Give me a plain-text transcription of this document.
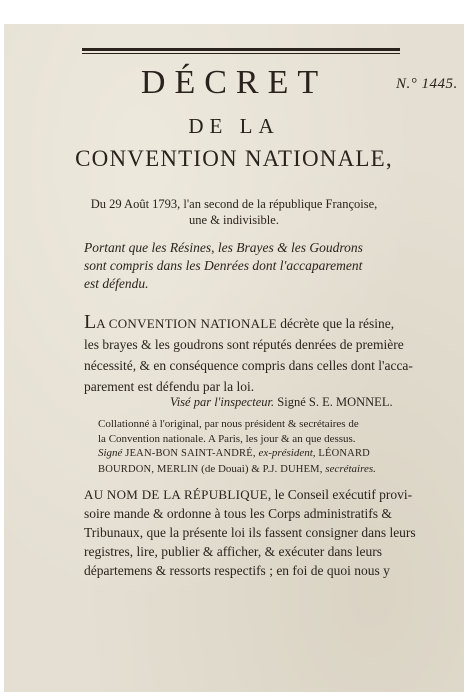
N.° 1445.
DÉCRET
DE LA
CONVENTION NATIONALE,
Du 29 Août 1793, l'an second de la république Françoise,
une & indivisible.
Portant que les Résines, les Brayes & les Goudrons
sont compris dans les Denrées dont l'accaparement
est défendu.
LA CONVENTION NATIONALE décrète que la résine,
les brayes & les goudrons sont réputés denrées de première
nécessité, & en conséquence compris dans celles dont l'acca-
parement est défendu par la loi.
Visé par l'inspecteur. Signé S. E. MONNEL.
Collationné à l'original, par nous président & secrétaires de
la Convention nationale. A Paris, les jour & an que dessus.
Signé JEAN-BON SAINT-ANDRÉ, ex-président, LÉONARD
BOURDON, MERLIN (de Douai) & P.J. DUHEM, secrétaires.
AU NOM DE LA RÉPUBLIQUE, le Conseil exécutif provi-
soire mande & ordonne à tous les Corps administratifs &
Tribunaux, que la présente loi ils fassent consigner dans leurs
registres, lire, publier & afficher, & exécuter dans leurs
départemens & ressorts respectifs ; en foi de quoi nous y
